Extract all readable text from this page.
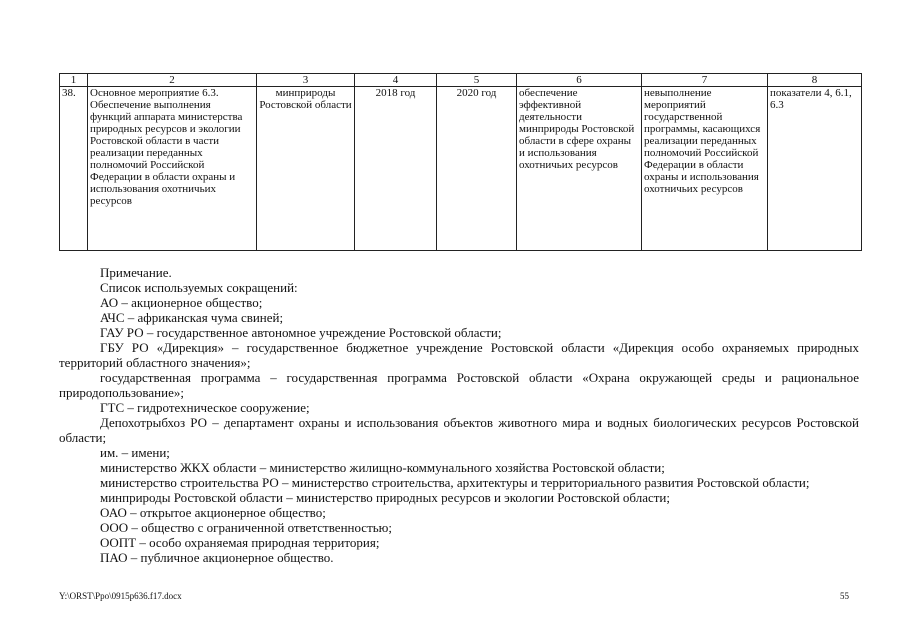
1	2	3	4	5	6	7	8
38.	Основное мероприятие 6.3. Обеспечение выполнения функций аппарата министерства природных ресурсов и экологии Ростовской области в части реализации переданных полномочий Российской Федерации в области охраны и использования охотничьих ресурсов	минприроды Ростовской области	2018 год	2020 год	обеспечение эффективной деятельности минприроды Ростовской области в сфере охраны и использования охотничьих ресурсов	невыполнение мероприятий государственной программы, касающихся реализации переданных полномочий Российской Федерации в области охраны и использования охотничьих ресурсов	показатели 4, 6.1, 6.3

Примечание.

Список используемых сокращений:

АО – акционерное общество;

АЧС – африканская чума свиней;

ГАУ РО – государственное автономное учреждение Ростовской области;

ГБУ РО «Дирекция» – государственное бюджетное учреждение Ростовской области «Дирекция особо охраняемых природных территорий областного значения»;

государственная программа – государственная программа Ростовской области «Охрана окружающей среды и рациональное природопользование»;

ГТС – гидротехническое сооружение;

Депохотрыбхоз РО – департамент охраны и использования объектов животного мира и водных биологических ресурсов Ростовской области;

им. – имени;

министерство ЖКХ области – министерство жилищно-коммунального хозяйства Ростовской области;

министерство строительства РО – министерство строительства, архитектуры и территориального развития Ростовской области;

минприроды Ростовской области – министерство природных ресурсов и экологии Ростовской области;

ОАО – открытое акционерное общество;

ООО – общество с ограниченной ответственностью;

ООПТ – особо охраняемая природная территория;

ПАО – публичное акционерное общество.

Y:\ORST\Ppo\0915p636.f17.docx	55
